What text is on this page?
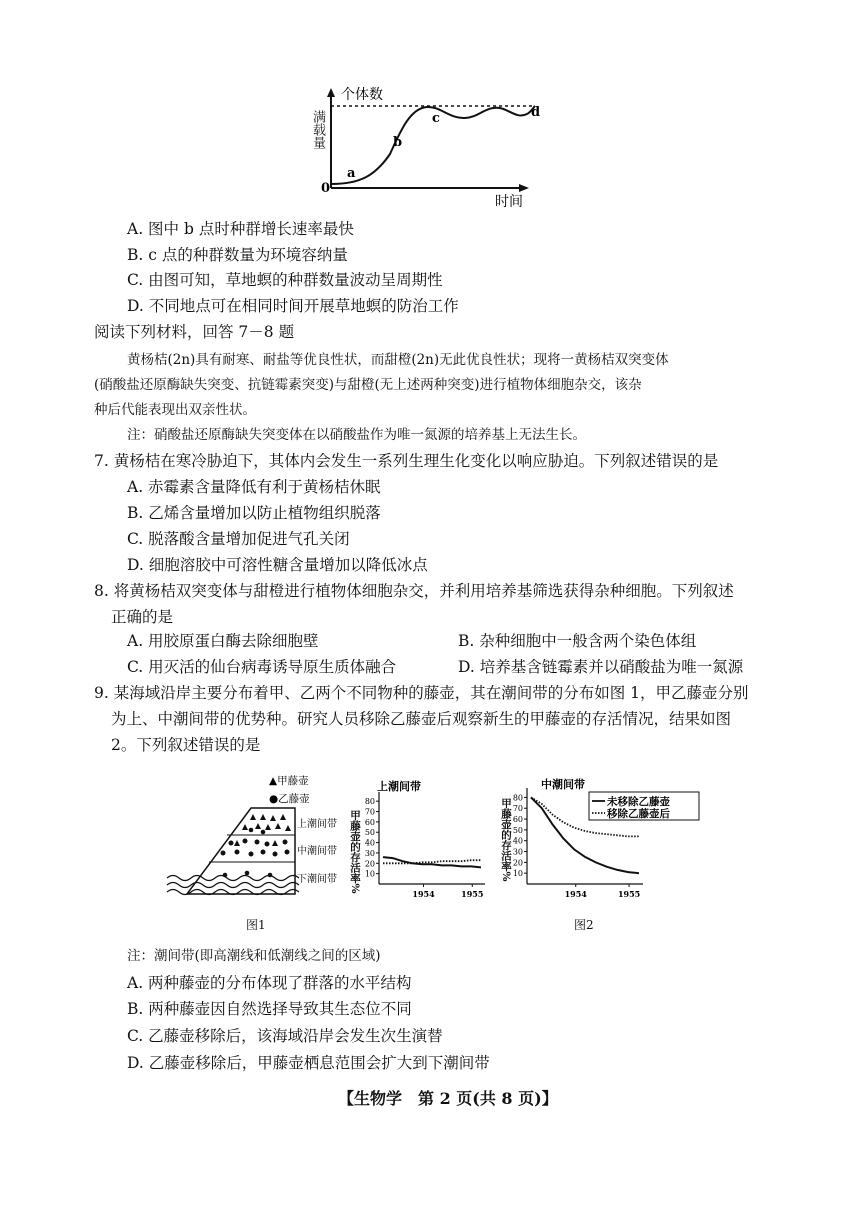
个体数
时间
0
a
b
c	d
满载量
A. 图中 b 点时种群增长速率最快
B. c 点的种群数量为环境容纳量
C. 由图可知，草地螟的种群数量波动呈周期性
D. 不同地点可在相同时间开展草地螟的防治工作
阅读下列材料，回答 7－8 题
黄杨桔(2n)具有耐寒、耐盐等优良性状，而甜橙(2n)无此优良性状；现将一黄杨桔双突变体
(硝酸盐还原酶缺失突变、抗链霉素突变)与甜橙(无上述两种突变)进行植物体细胞杂交，该杂
种后代能表现出双亲性状。
注：硝酸盐还原酶缺失突变体在以硝酸盐作为唯一氮源的培养基上无法生长。
7. 黄杨桔在寒冷胁迫下，其体内会发生一系列生理生化变化以响应胁迫。下列叙述错误的是
A. 赤霉素含量降低有利于黄杨桔休眠
B. 乙烯含量增加以防止植物组织脱落
C. 脱落酸含量增加促进气孔关闭
D. 细胞溶胶中可溶性糖含量增加以降低冰点
8. 将黄杨桔双突变体与甜橙进行植物体细胞杂交，并利用培养基筛选获得杂种细胞。下列叙述
正确的是
A. 用胶原蛋白酶去除细胞壁	B. 杂种细胞中一般含两个染色体组
C. 用灭活的仙台病毒诱导原生质体融合	D. 培养基含链霉素并以硝酸盐为唯一氮源
9. 某海域沿岸主要分布着甲、乙两个不同物种的藤壶，其在潮间带的分布如图 1，甲乙藤壶分别
为上、中潮间带的优势种。研究人员移除乙藤壶后观察新生的甲藤壶的存活情况，结果如图
2。下列叙述错误的是
▲甲藤壶
●乙藤壶
上潮间带
中潮间带
下潮间带
上潮间带
10
20
30
40
50
60
70
80
1954	1955
甲藤壶的存活率%
中潮间带
未移除乙藤壶
移除乙藤壶后
10
20
30
40
50
60
70
80
1954	1955
甲藤壶的存活率%
图1	图2
注：潮间带(即高潮线和低潮线之间的区域)
A. 两种藤壶的分布体现了群落的水平结构
B. 两种藤壶因自然选择导致其生态位不同
C. 乙藤壶移除后，该海域沿岸会发生次生演替
D. 乙藤壶移除后，甲藤壶栖息范围会扩大到下潮间带
【生物学　第 2 页(共 8 页)】
